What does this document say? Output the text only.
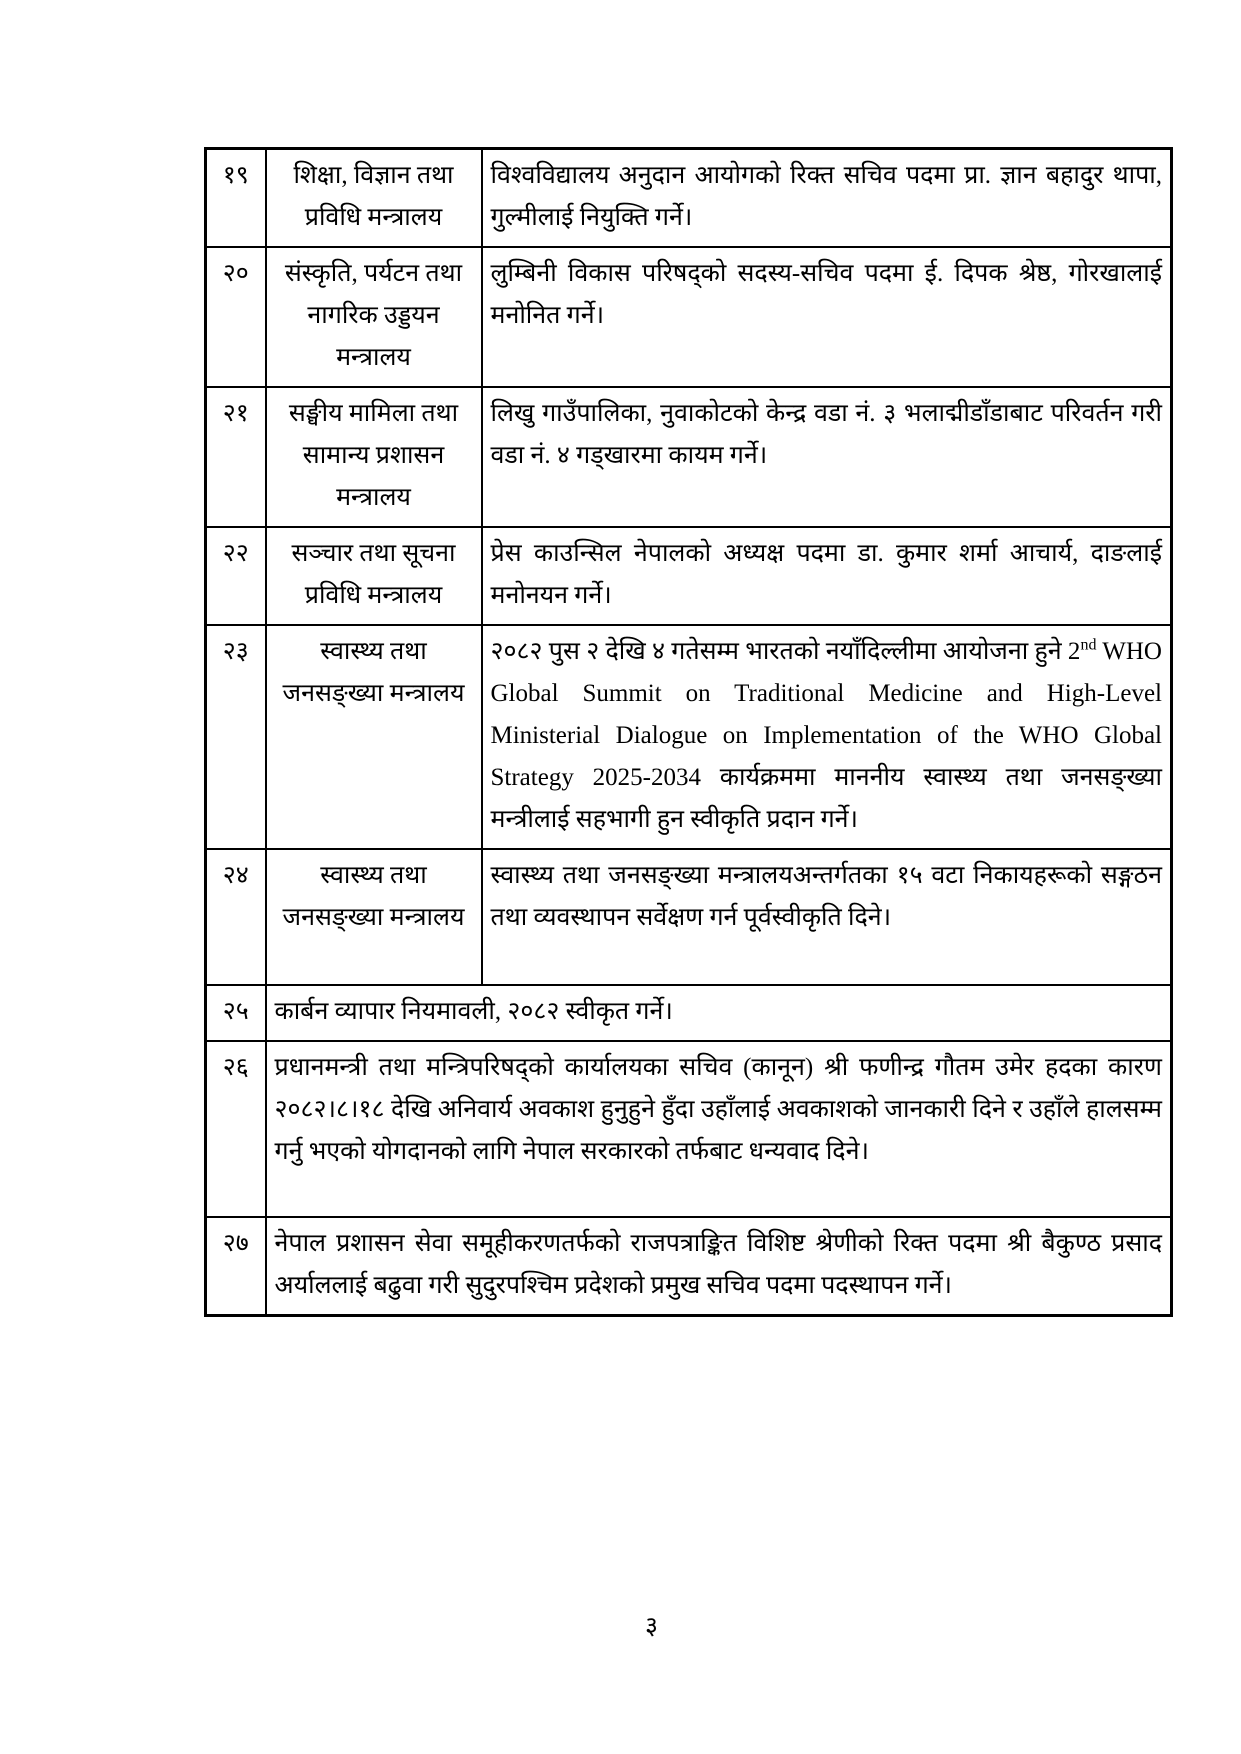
१९	शिक्षा, विज्ञान तथा प्रविधि मन्त्रालय	विश्वविद्यालय अनुदान आयोगको रिक्त सचिव पदमा प्रा. ज्ञान बहादुर थापा, गुल्मीलाई नियुक्ति गर्ने।
२०	संस्कृति, पर्यटन तथा नागरिक उड्डयन मन्त्रालय	लुम्बिनी विकास परिषद्को सदस्य-सचिव पदमा ई. दिपक श्रेष्ठ, गोरखालाई मनोनित गर्ने।
२१	सङ्घीय मामिला तथा सामान्य प्रशासन मन्त्रालय	लिखु गाउँपालिका, नुवाकोटको केन्द्र वडा नं. ३ भलाद्मीडाँडाबाट परिवर्तन गरी वडा नं. ४ गड्खारमा कायम गर्ने।
२२	सञ्चार तथा सूचना प्रविधि मन्त्रालय	प्रेस काउन्सिल नेपालको अध्यक्ष पदमा डा. कुमार शर्मा आचार्य, दाङलाई मनोनयन गर्ने।
२३	स्वास्थ्य तथा जनसङ्ख्या मन्त्रालय	२०८२ पुस २ देखि ४ गतेसम्म भारतको नयाँदिल्लीमा आयोजना हुने 2nd WHO Global Summit on Traditional Medicine and High-Level Ministerial Dialogue on Implementation of the WHO Global Strategy 2025-2034 कार्यक्रममा माननीय स्वास्थ्य तथा जनसङ्ख्या मन्त्रीलाई सहभागी हुन स्वीकृति प्रदान गर्ने।
२४	स्वास्थ्य तथा जनसङ्ख्या मन्त्रालय	स्वास्थ्य तथा जनसङ्ख्या मन्त्रालयअन्तर्गतका १५ वटा निकायहरूको सङ्गठन तथा व्यवस्थापन सर्वेक्षण गर्न पूर्वस्वीकृति दिने।
२५	कार्बन व्यापार नियमावली, २०८२ स्वीकृत गर्ने।	
२६	प्रधानमन्त्री तथा मन्त्रिपरिषद्को कार्यालयका सचिव (कानून) श्री फणीन्द्र गौतम उमेर हदका कारण २०८२।८।१८ देखि अनिवार्य अवकाश हुनुहुने हुँदा उहाँलाई अवकाशको जानकारी दिने र उहाँले हालसम्म गर्नु भएको योगदानको लागि नेपाल सरकारको तर्फबाट धन्यवाद दिने।	
२७	नेपाल प्रशासन सेवा समूहीकरणतर्फको राजपत्राङ्कित विशिष्ट श्रेणीको रिक्त पदमा श्री बैकुण्ठ प्रसाद अर्याललाई बढुवा गरी सुदुरपश्चिम प्रदेशको प्रमुख सचिव पदमा पदस्थापन गर्ने।	
३
